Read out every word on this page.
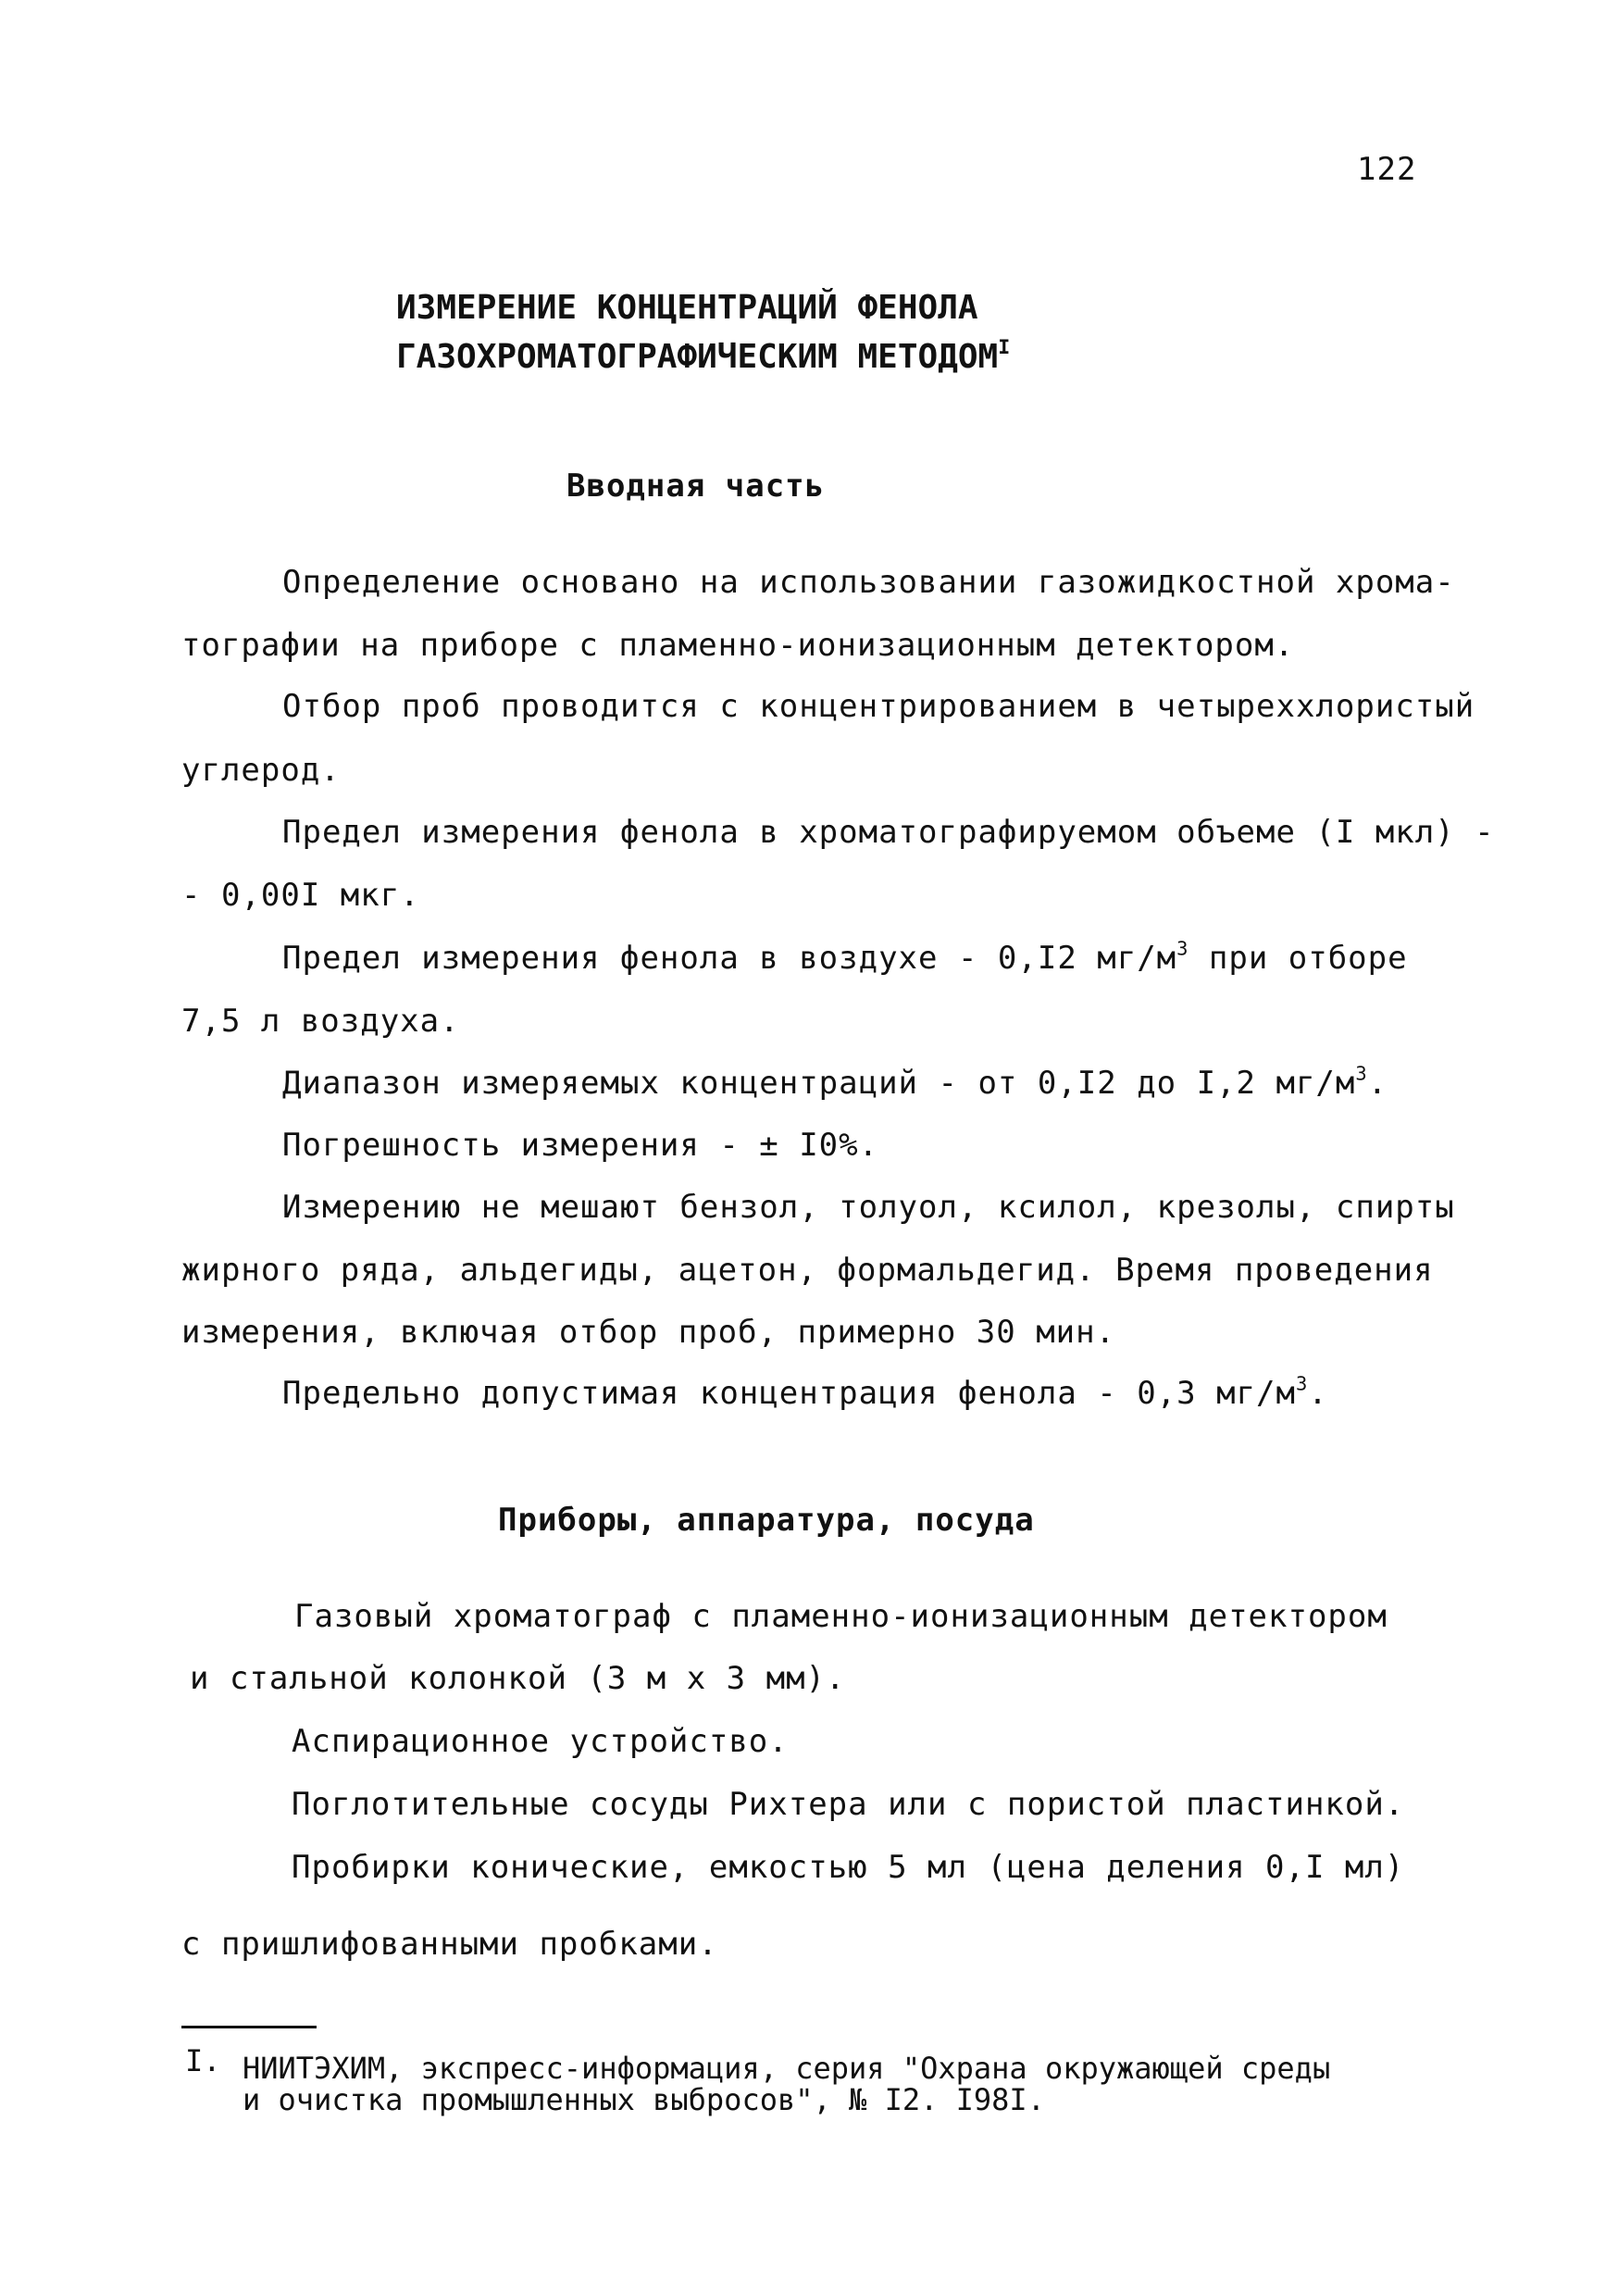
122
ИЗМЕРЕНИЕ КОНЦЕНТРАЦИЙ ФЕНОЛА
ГАЗОХРОМАТОГРАФИЧЕСКИМ $МЕТОДОМ^I$
Вводная часть
Определение основано на использовании газожидкостной хрома-
тографии на приборе с пламенно-ионизационным детектором.
Отбор проб проводится с концентрированием в четыреххлористый
углерод.
Предел измерения фенола в хроматографируемом объеме (I мкл) -
- 0,00I мкг.
Предел измерения фенола в воздухе - 0,I2 $мг/м^3$ при отборе
7,5 л воздуха.
Диапазон измеряемых концентраций - от 0,I2 до I,2 $мг/м^3$.
Погрешность измерения - ± I0%.
Измерению не мешают бензол, толуол, ксилол, крезолы, спирты
жирного ряда, альдегиды, ацетон, формальдегид. Время проведения
измерения, включая отбор проб, примерно 30 мин.
Предельно допустимая концентрация фенола - 0,3 $мг/м^3$.
Приборы, аппаратура, посуда
Газовый хроматограф с пламенно-ионизационным детектором
и стальной колонкой (3 м х 3 мм).
Аспирационное устройство.
Поглотительные сосуды Рихтера или с пористой пластинкой.
Пробирки конические, емкостью 5 мл (цена деления 0,I мл)
с пришлифованными пробками.
I. НИИТЭХИМ, экспресс-информация, серия "Охрана окружающей среды
и очистка промышленных выбросов", № I2. I98I.
